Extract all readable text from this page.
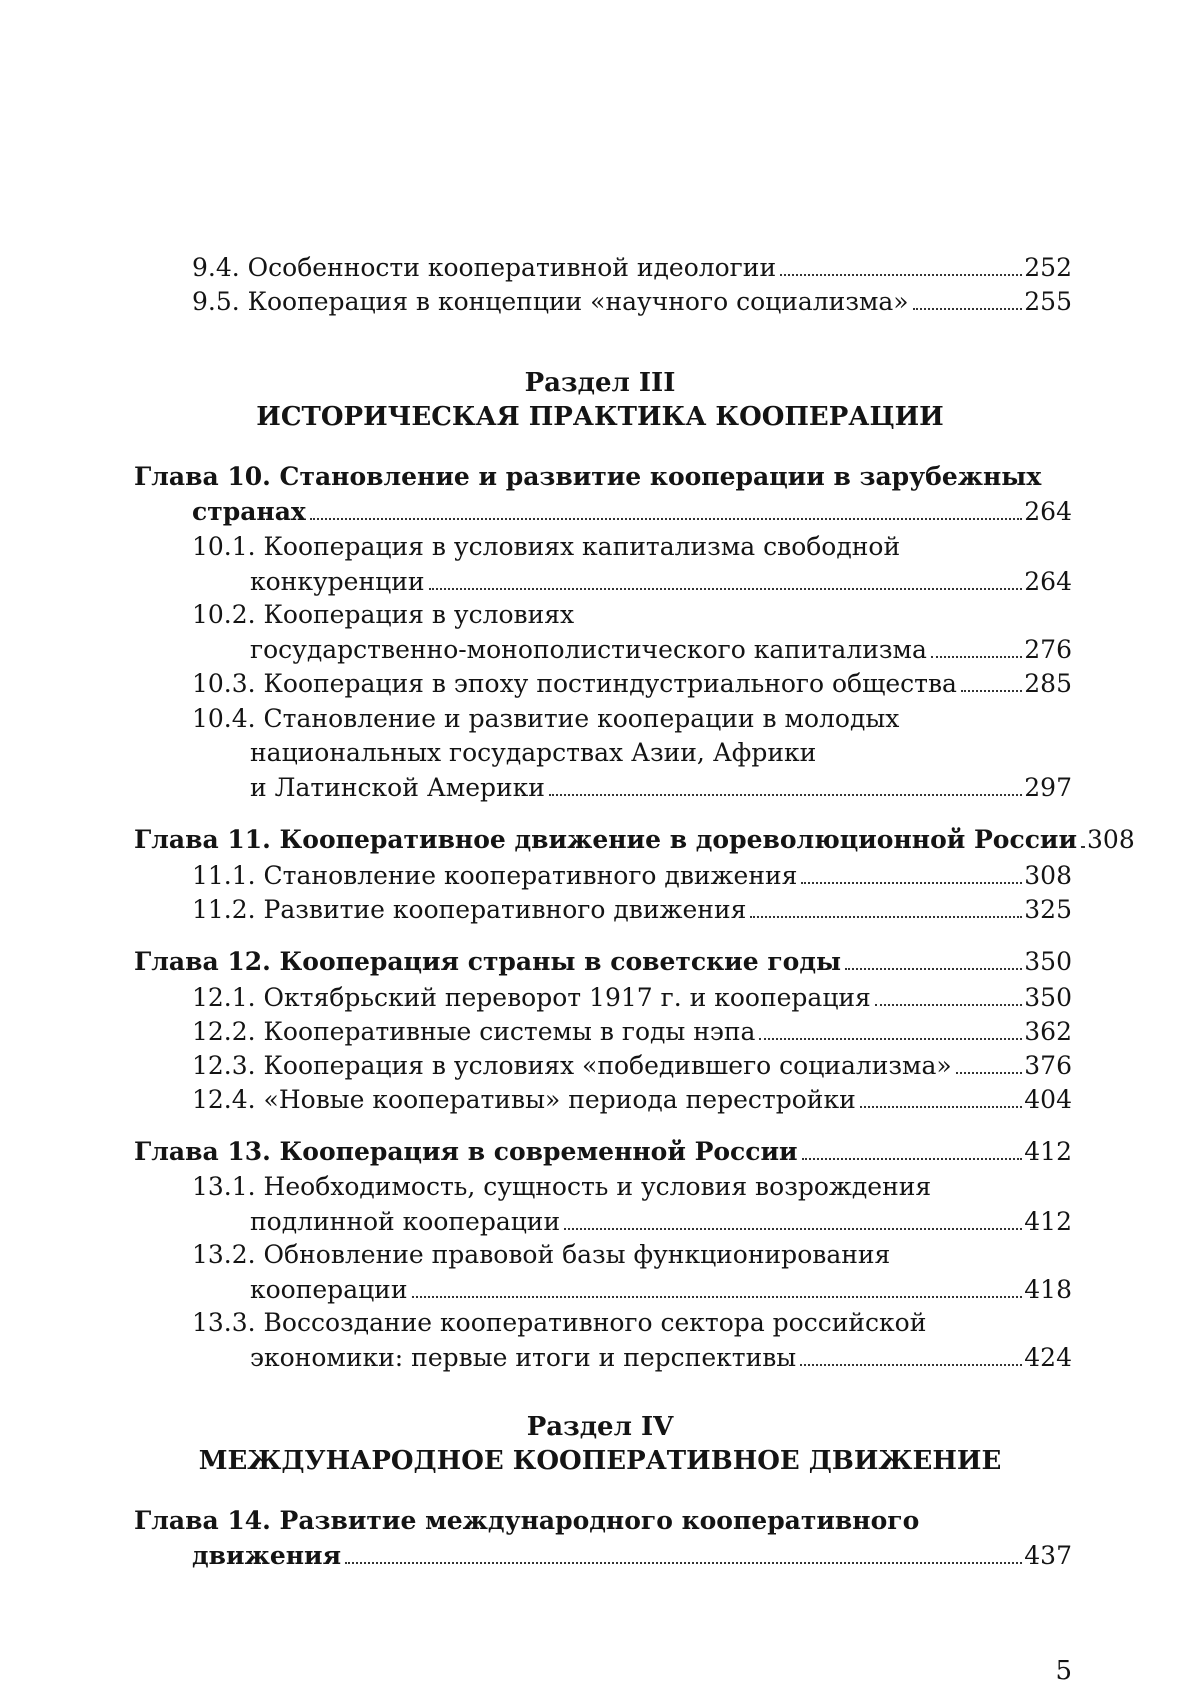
9.4. Особенности кооперативной идеологии	252
9.5. Кооперация в концепции «научного социализма»	255
Раздел III
ИСТОРИЧЕСКАЯ ПРАКТИКА КООПЕРАЦИИ
Глава 10. Становление и развитие кооперации в зарубежных
странах	264
10.1. Кооперация в условиях капитализма свободной
конкуренции	264
10.2. Кооперация в условиях
государственно-монополистического капитализма	276
10.3. Кооперация в эпоху постиндустриального общества	285
10.4. Становление и развитие кооперации в молодых
национальных государствах Азии, Африки
и Латинской Америки	297
Глава 11. Кооперативное движение в дореволюционной России 308
11.1. Становление кооперативного движения	308
11.2. Развитие кооперативного движения	325
Глава 12. Кооперация страны в советские годы	350
12.1. Октябрьский переворот 1917 г. и кооперация	350
12.2. Кооперативные системы в годы нэпа	362
12.3. Кооперация в условиях «победившего социализма»	376
12.4. «Новые кооперативы» периода перестройки	404
Глава 13. Кооперация в современной России	412
13.1. Необходимость, сущность и условия возрождения
подлинной кооперации	412
13.2. Обновление правовой базы функционирования
кооперации	418
13.3. Воссоздание кооперативного сектора российской
экономики: первые итоги и перспективы	424
Раздел IV
МЕЖДУНАРОДНОЕ КООПЕРАТИВНОЕ ДВИЖЕНИЕ
Глава 14. Развитие международного кооперативного
движения	437
5
